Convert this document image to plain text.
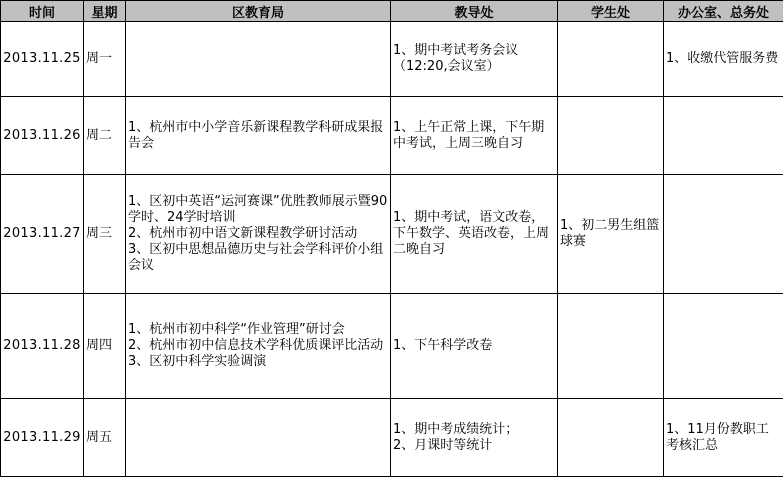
时间	星期	区教育局	教导处	学生处	办公室、总务处
2013.11.25	周一		1、期中考试考务会议
（12:20,会议室）		1、收缴代管服务费

2013.11.26	周二	1、杭州市中小学音乐新课程教学科研成果报告会	1、上午正常上课，下午期中考试，上周三晚自习		

2013.11.27	周三	1、区初中英语“运河赛课”优胜教师展示暨90学时、24学时培训
2、杭州市初中语文新课程教学研讨活动
3、区初中思想品德历史与社会学科评价小组会议	1、期中考试，语文改卷，下午数学、英语改卷，上周二晚自习	1、初二男生组篮球赛	

2013.11.28	周四	1、杭州市初中科学“作业管理”研讨会
2、杭州市初中信息技术学科优质课评比活动
3、区初中科学实验调演	1、下午科学改卷		

2013.11.29	周五		1、期中考成绩统计；
2、月课时等统计		1、11月份教职工考核汇总
